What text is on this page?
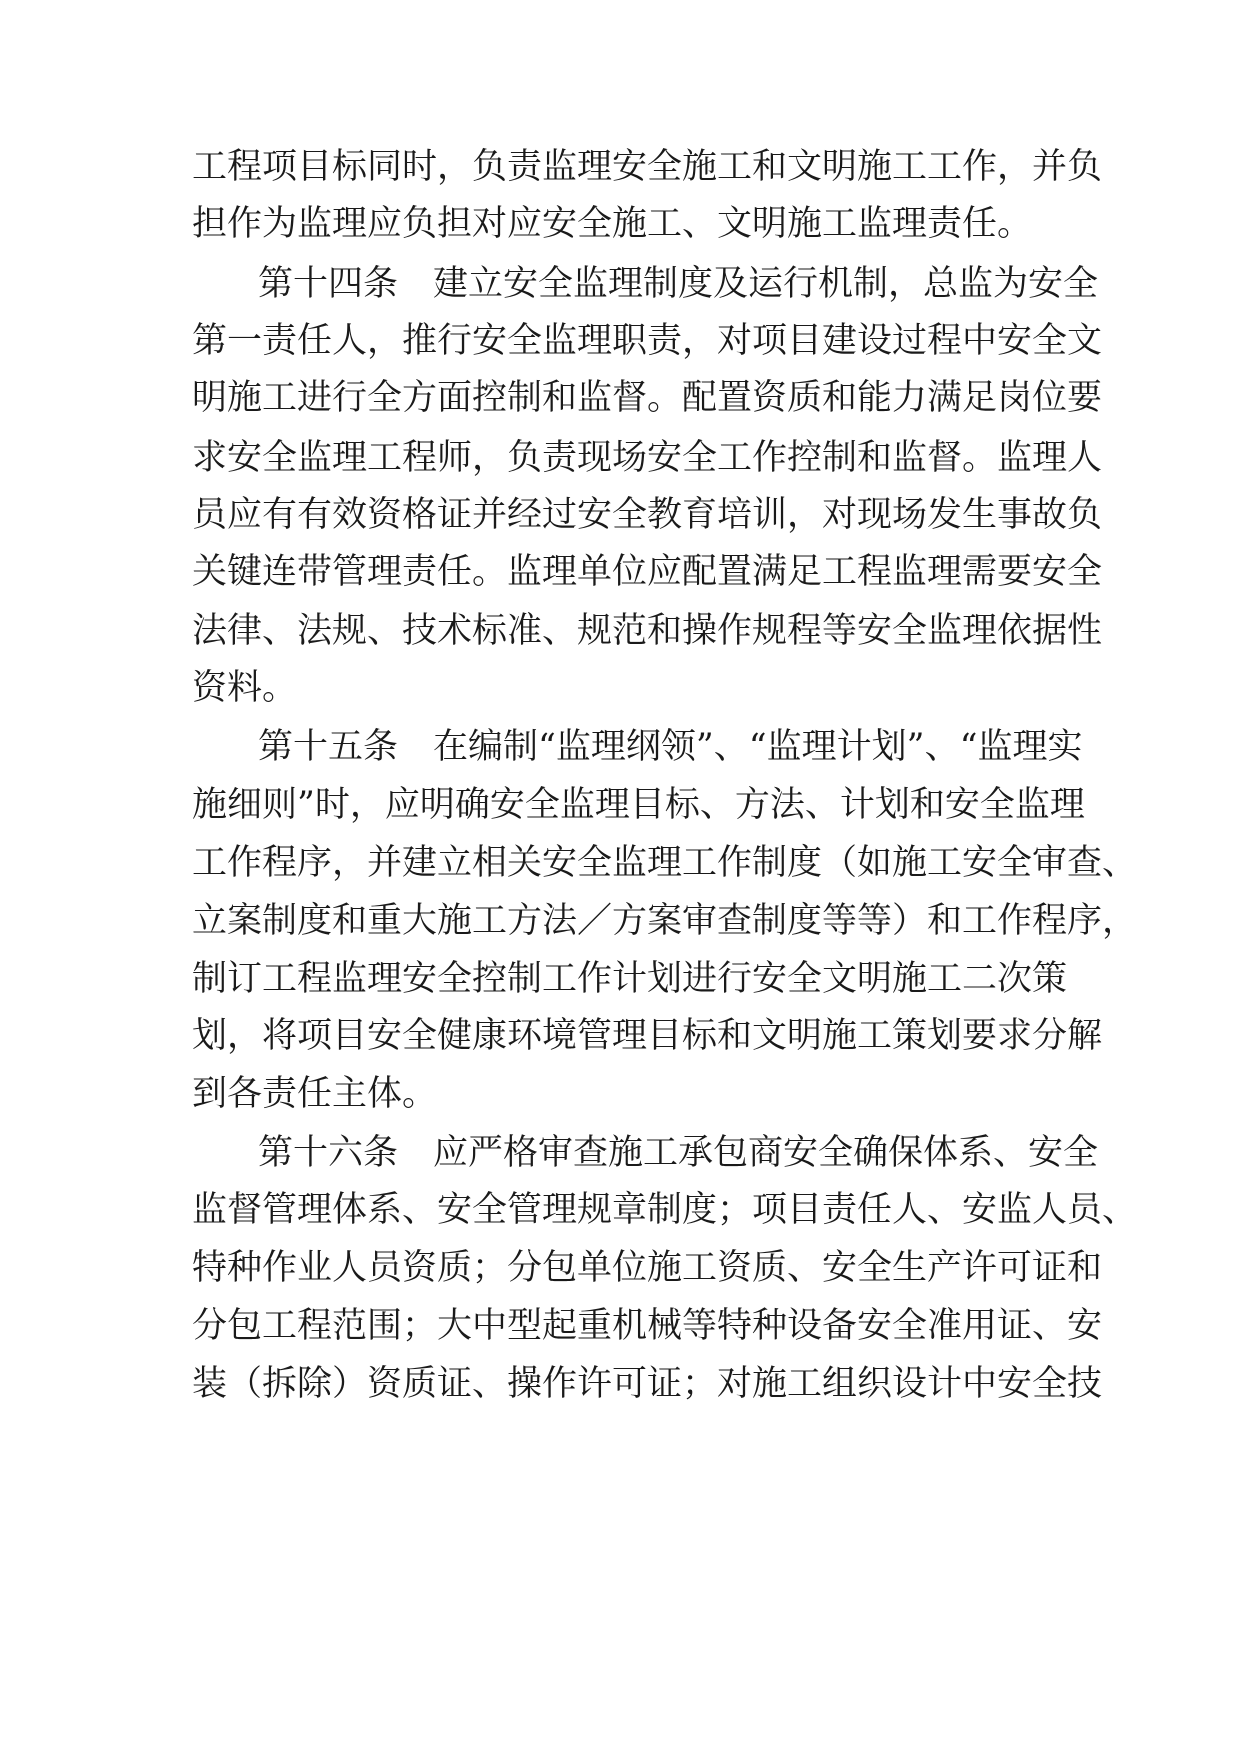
工程项目标同时，负责监理安全施工和文明施工工作，并负
担作为监理应负担对应安全施工、文明施工监理责任。
第十四条　建立安全监理制度及运行机制，总监为安全
第一责任人，推行安全监理职责，对项目建设过程中安全文
明施工进行全方面控制和监督。配置资质和能力满足岗位要
求安全监理工程师，负责现场安全工作控制和监督。监理人
员应有有效资格证并经过安全教育培训，对现场发生事故负
关键连带管理责任。监理单位应配置满足工程监理需要安全
法律、法规、技术标准、规范和操作规程等安全监理依据性
资料。
第十五条　在编制“监理纲领”、“监理计划”、“监理实
施细则”时，应明确安全监理目标、方法、计划和安全监理
工作程序，并建立相关安全监理工作制度（如施工安全审查、
立案制度和重大施工方法／方案审查制度等等）和工作程序，
制订工程监理安全控制工作计划进行安全文明施工二次策
划，将项目安全健康环境管理目标和文明施工策划要求分解
到各责任主体。
第十六条　应严格审查施工承包商安全确保体系、安全
监督管理体系、安全管理规章制度；项目责任人、安监人员、
特种作业人员资质；分包单位施工资质、安全生产许可证和
分包工程范围；大中型起重机械等特种设备安全准用证、安
装（拆除）资质证、操作许可证；对施工组织设计中安全技
